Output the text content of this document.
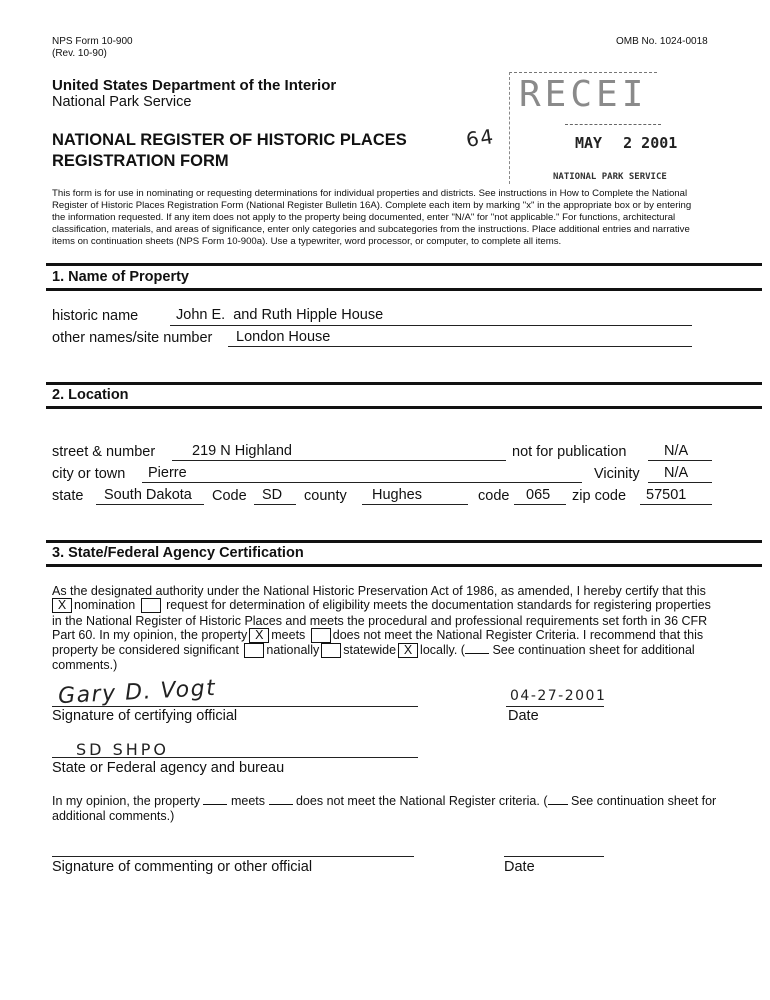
NPS Form 10-900
(Rev. 10-90)
OMB No. 1024-0018
United States Department of the Interior
National Park Service
NATIONAL REGISTER OF HISTORIC PLACES
REGISTRATION FORM
64
RECEI
MAY 2 2001
NATIONAL PARK SERVICE
This form is for use in nominating or requesting determinations for individual properties and districts. See instructions in How to Complete the National
Register of Historic Places Registration Form (National Register Bulletin 16A). Complete each item by marking "x" in the appropriate box or by entering
the information requested. If any item does not apply to the property being documented, enter "N/A" for "not applicable." For functions, architectural
classification, materials, and areas of significance, enter only categories and subcategories from the instructions. Place additional entries and narrative
items on continuation sheets (NPS Form 10-900a). Use a typewriter, word processor, or computer, to complete all items.
1. Name of Property
historic name	John E.  and Ruth Hipple House
other names/site number London House
2. Location
street & number	219 N Highland	not for publication	N/A
city or town Pierre	Vicinity N/A
state South Dakota Code SD county Hughes	code 065 zip code 57501
3. State/Federal Agency Certification
As the designated authority under the National Historic Preservation Act of 1986, as amended, I hereby certify that this
X nomination request for determination of eligibility meets the documentation standards for registering properties
in the National Register of Historic Places and meets the procedural and professional requirements set forth in 36 CFR
Part 60. In my opinion, the property X meets does not meet the National Register Criteria. I recommend that this
property be considered significant nationally statewide X locally. ( See continuation sheet for additional
comments.)
Gary D. Vogt
Signature of certifying official
04-27-2001
Date
SD SHPO
State or Federal agency and bureau
In my opinion, the property meets does not meet the National Register criteria. ( See continuation sheet for
additional comments.)
Signature of commenting or other official	Date
